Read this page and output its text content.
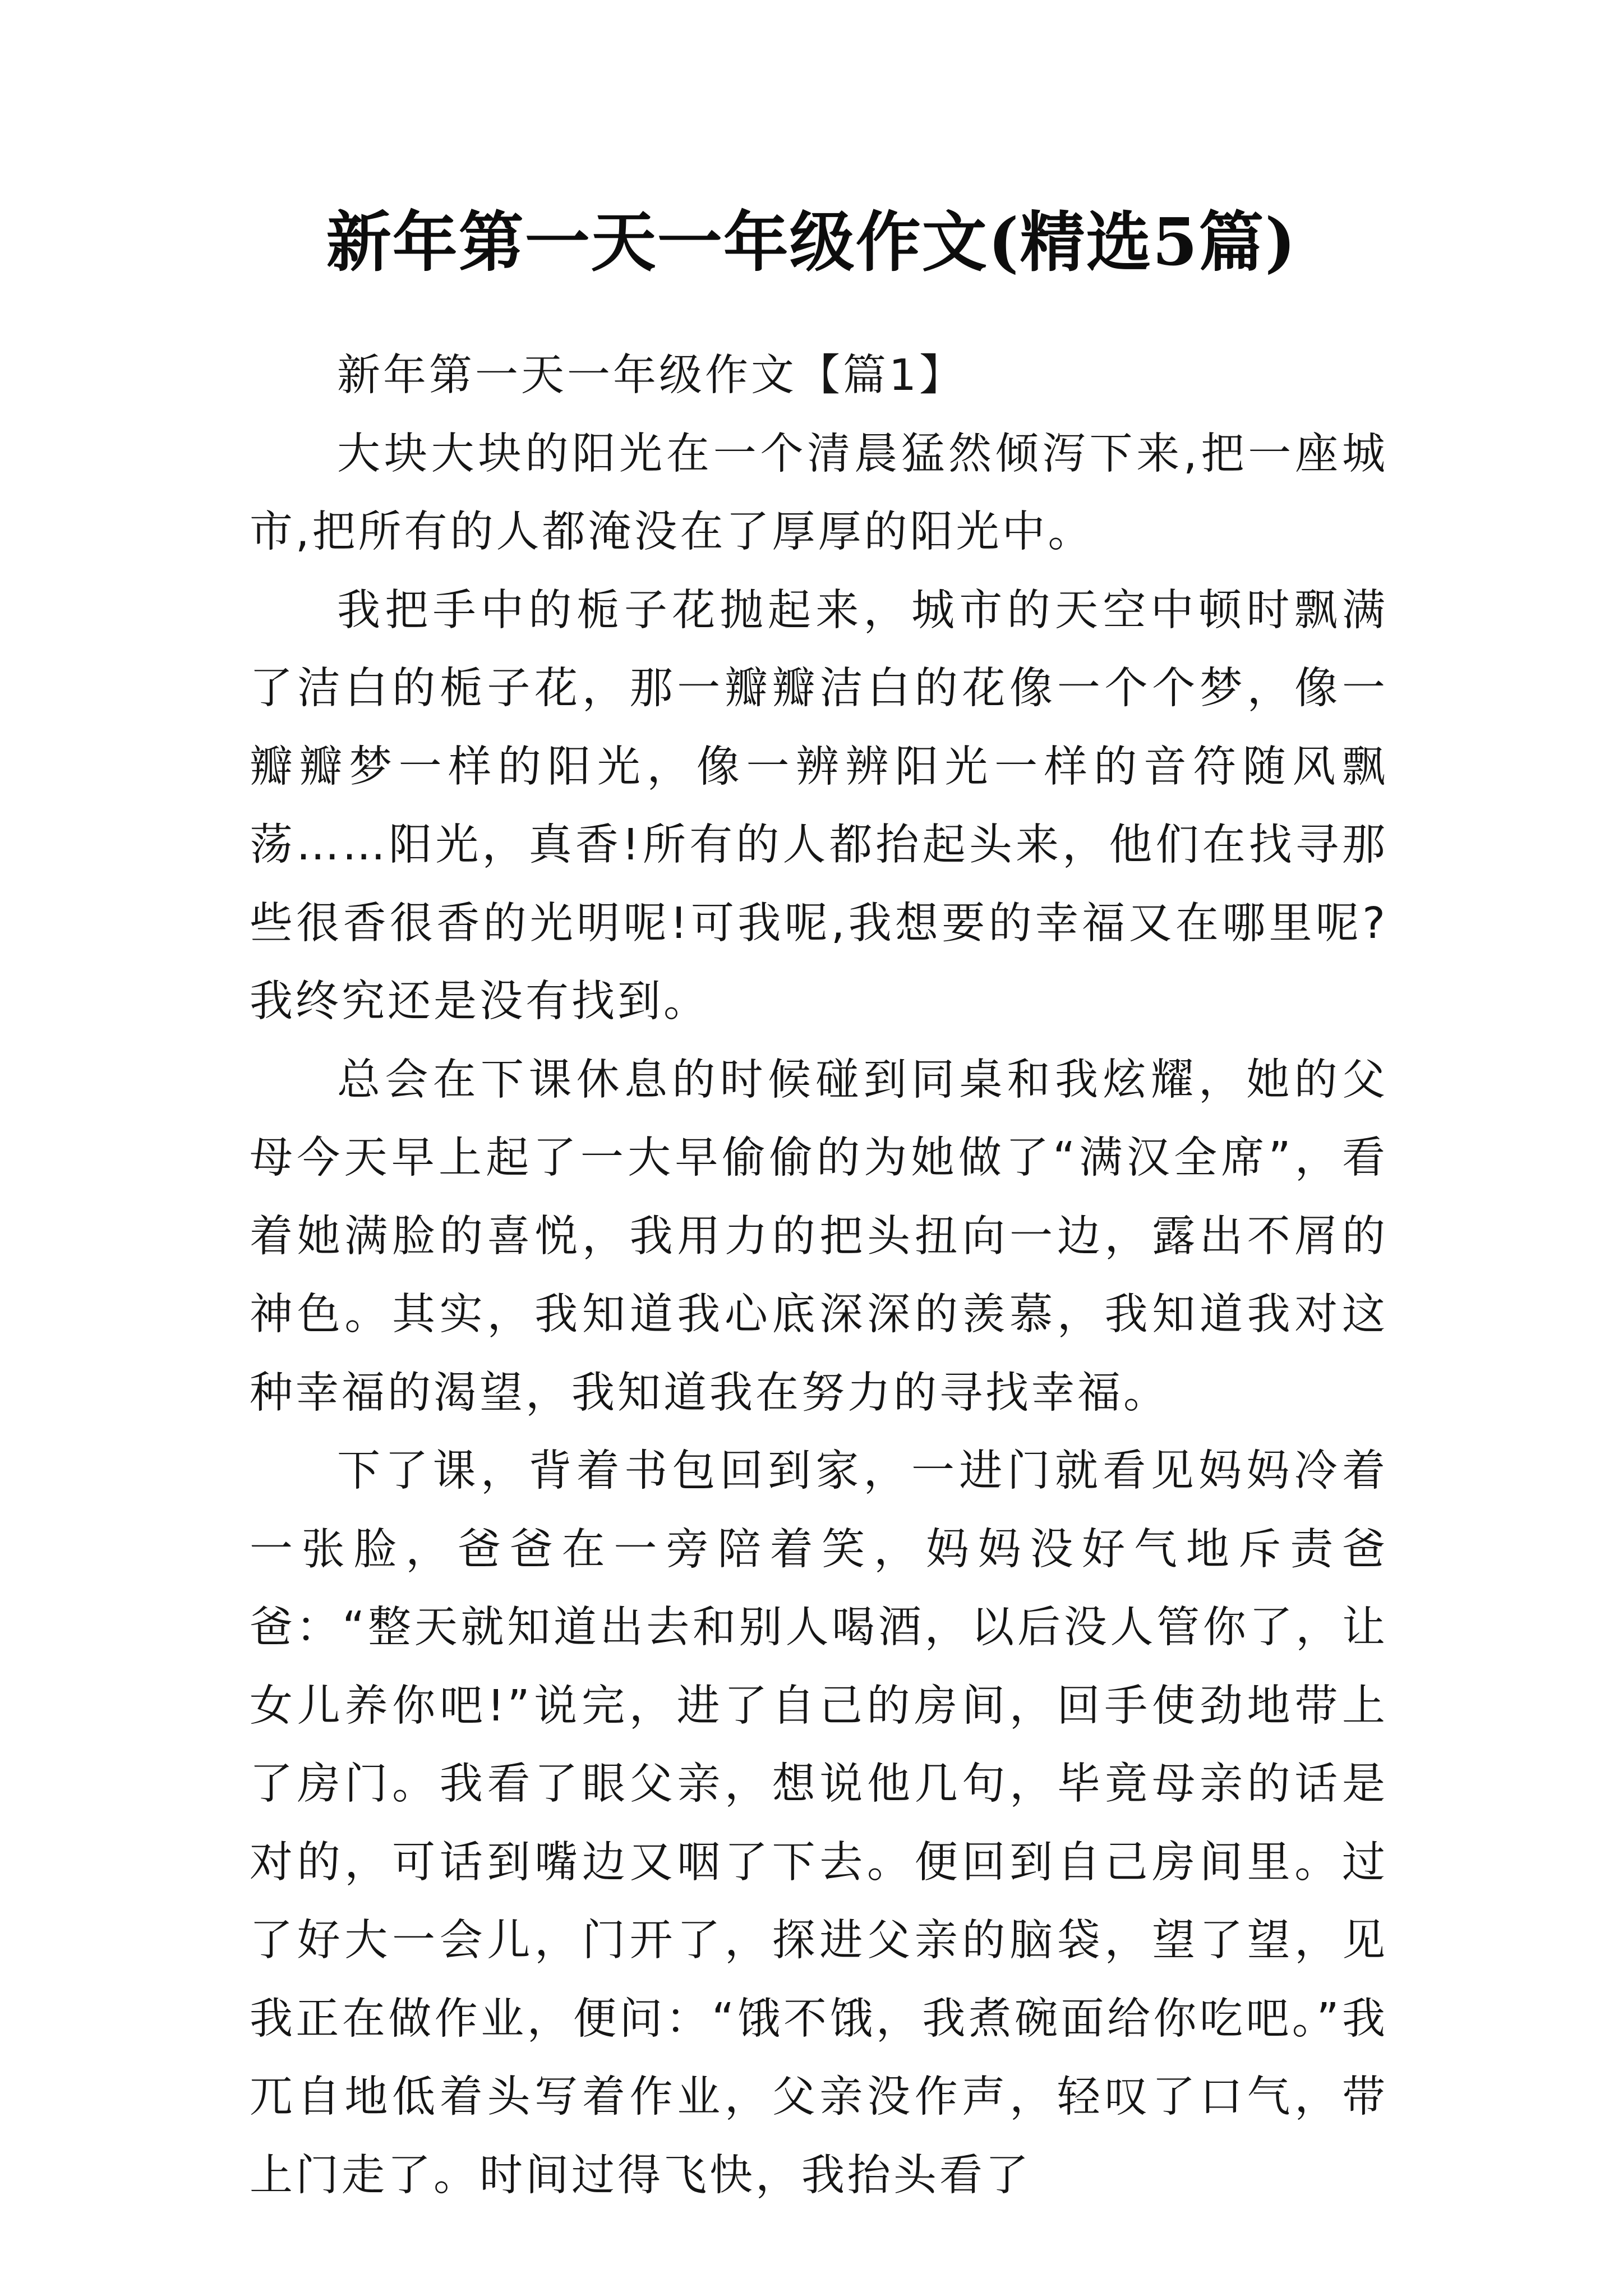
新年第一天一年级作文(精选5篇)

新年第一天一年级作文【篇1】

大块大块的阳光在一个清晨猛然倾泻下来,把一座城市,把所有的人都淹没在了厚厚的阳光中。

我把手中的栀子花抛起来，城市的天空中顿时飘满了洁白的栀子花，那一瓣瓣洁白的花像一个个梦，像一瓣瓣梦一样的阳光，像一辨辨阳光一样的音符随风飘荡……阳光，真香!所有的人都抬起头来，他们在找寻那些很香很香的光明呢!可我呢,我想要的幸福又在哪里呢?我终究还是没有找到。

总会在下课休息的时候碰到同桌和我炫耀，她的父母今天早上起了一大早偷偷的为她做了“满汉全席”，看着她满脸的喜悦，我用力的把头扭向一边，露出不屑的神色。其实，我知道我心底深深的羡慕，我知道我对这种幸福的渴望，我知道我在努力的寻找幸福。

下了课，背着书包回到家，一进门就看见妈妈冷着一张脸，爸爸在一旁陪着笑，妈妈没好气地斥责爸爸：“整天就知道出去和别人喝酒，以后没人管你了，让女儿养你吧!”说完，进了自己的房间，回手使劲地带上了房门。我看了眼父亲，想说他几句，毕竟母亲的话是对的，可话到嘴边又咽了下去。便回到自己房间里。过了好大一会儿，门开了，探进父亲的脑袋，望了望，见我正在做作业，便问：“饿不饿，我煮碗面给你吃吧。”我兀自地低着头写着作业，父亲没作声，轻叹了口气，带上门走了。时间过得飞快，我抬头看了
